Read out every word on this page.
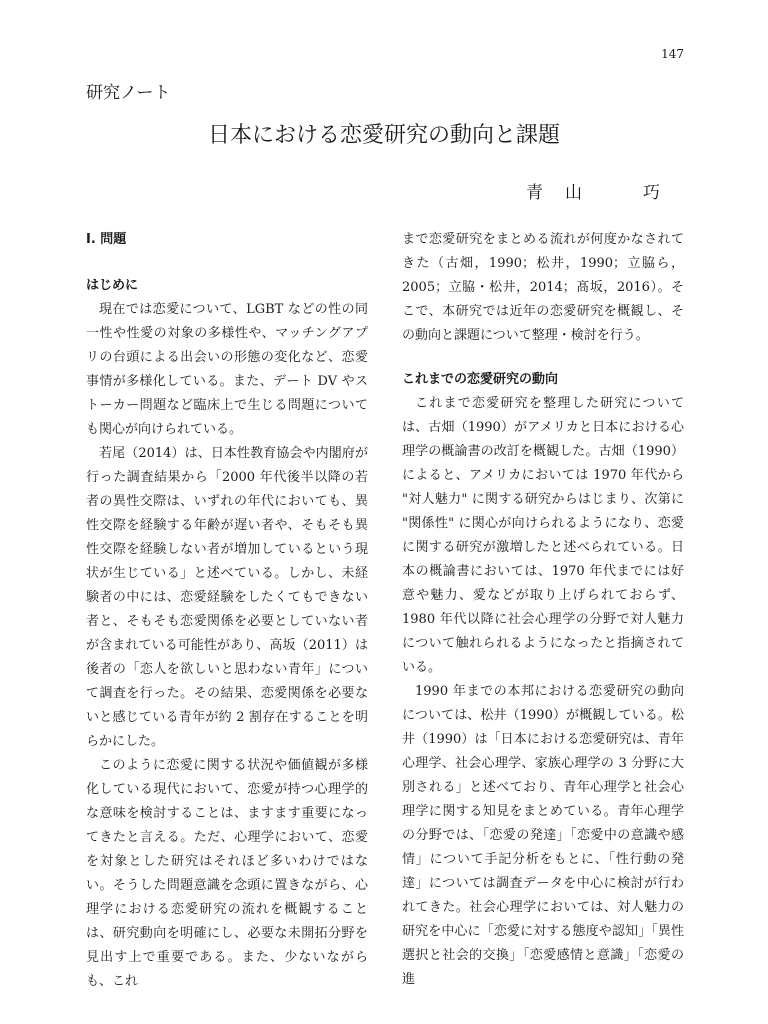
147
研究ノート
日本における恋愛研究の動向と課題
青山　巧
Ⅰ. 問題
はじめに

現在では恋愛について、LGBT などの性の同一性や性愛の対象の多様性や、マッチングアプリの台頭による出会いの形態の変化など、恋愛事情が多様化している。また、デート DV やストーカー問題など臨床上で生じる問題についても関心が向けられている。

若尾（2014）は、日本性教育協会や内閣府が行った調査結果から「2000 年代後半以降の若者の異性交際は、いずれの年代においても、異性交際を経験する年齢が遅い者や、そもそも異性交際を経験しない者が増加しているという現状が生じている」と述べている。しかし、未経験者の中には、恋愛経験をしたくてもできない者と、そもそも恋愛関係を必要としていない者が含まれている可能性があり、高坂（2011）は後者の「恋人を欲しいと思わない青年」について調査を行った。その結果、恋愛関係を必要ないと感じている青年が約 2 割存在することを明らかにした。

このように恋愛に関する状況や価値観が多様化している現代において、恋愛が持つ心理学的な意味を検討することは、ますます重要になってきたと言える。ただ、心理学において、恋愛を対象とした研究はそれほど多いわけではない。そうした問題意識を念頭に置きながら、心理学における恋愛研究の流れを概観することは、研究動向を明確にし、必要な未開拓分野を見出す上で重要である。また、少ないながらも、これ

まで恋愛研究をまとめる流れが何度かなされてきた（古畑，1990；松井，1990；立脇ら，2005；立脇・松井，2014；髙坂，2016）。そこで、本研究では近年の恋愛研究を概観し、その動向と課題について整理・検討を行う。

これまでの恋愛研究の動向

これまで恋愛研究を整理した研究については、古畑（1990）がアメリカと日本における心理学の概論書の改訂を概観した。古畑（1990）によると、アメリカにおいては 1970 年代から "対人魅力" に関する研究からはじまり、次第に "関係性" に関心が向けられるようになり、恋愛に関する研究が激増したと述べられている。日本の概論書においては、1970 年代までには好意や魅力、愛などが取り上げられておらず、1980 年代以降に社会心理学の分野で対人魅力について触れられるようになったと指摘されている。

1990 年までの本邦における恋愛研究の動向については、松井（1990）が概観している。松井（1990）は「日本における恋愛研究は、青年心理学、社会心理学、家族心理学の 3 分野に大別される」と述べており、青年心理学と社会心理学に関する知見をまとめている。青年心理学の分野では、「恋愛の発達」「恋愛中の意識や感情」について手記分析をもとに、「性行動の発達」については調査データを中心に検討が行われてきた。社会心理学においては、対人魅力の研究を中心に「恋愛に対する態度や認知」「異性選択と社会的交換」「恋愛感情と意識」「恋愛の進
